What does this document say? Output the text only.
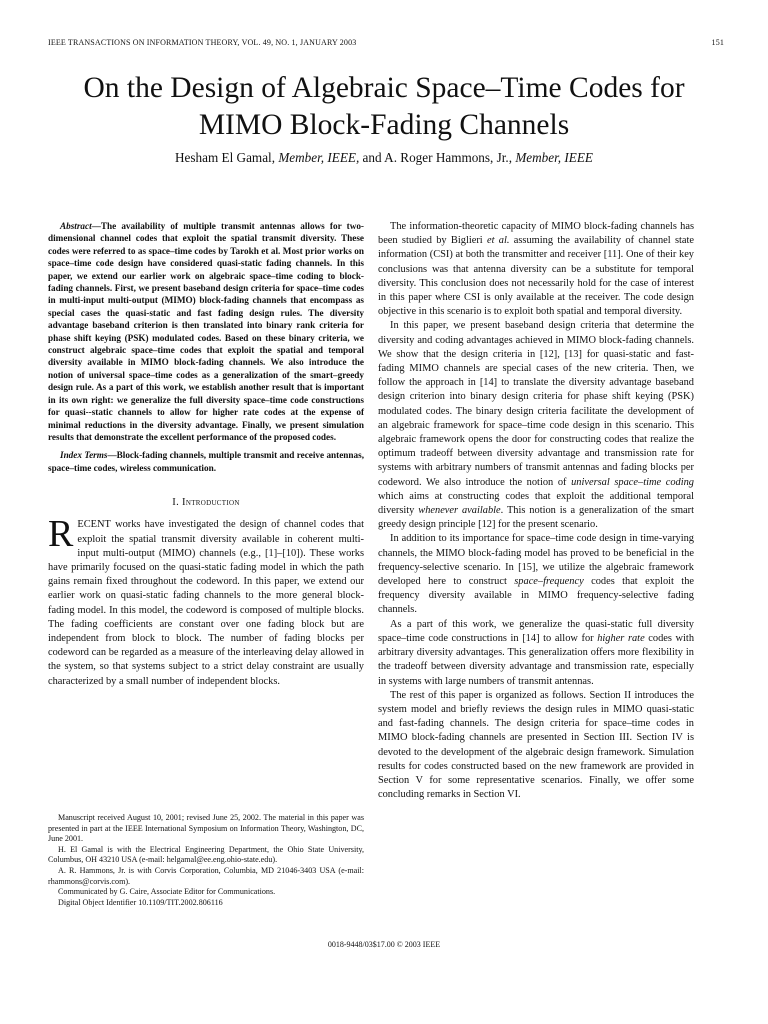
IEEE TRANSACTIONS ON INFORMATION THEORY, VOL. 49, NO. 1, JANUARY 2003	151
On the Design of Algebraic Space–Time Codes for
MIMO Block-Fading Channels
Hesham El Gamal, Member, IEEE, and A. Roger Hammons, Jr., Member, IEEE

Abstract—The availability of multiple transmit antennas allows for two-dimensional channel codes that exploit the spatial transmit diversity. These codes were referred to as space–time codes by Tarokh et al. Most prior works on space–time code design have considered quasi-static fading channels. In this paper, we extend our earlier work on algebraic space–time coding to block-fading channels. First, we present baseband design criteria for space–time codes in multi-input multi-output (MIMO) block-fading channels that encompass as special cases the quasi-static and fast fading design rules. The diversity advantage baseband criterion is then translated into binary rank criteria for phase shift keying (PSK) modulated codes. Based on these binary criteria, we construct algebraic space–time codes that exploit the spatial and temporal diversity available in MIMO block-fading channels. We also introduce the notion of universal space–time codes as a generalization of the smart–greedy design rule. As a part of this work, we establish another result that is important in its own right: we generalize the full diversity space–time code constructions for quasi--static channels to allow for higher rate codes at the expense of minimal reductions in the diversity advantage. Finally, we present simulation results that demonstrate the excellent performance of the proposed codes.

Index Terms—Block-fading channels, multiple transmit and receive antennas, space–time codes, wireless communication.

I. Introduction

RECENT works have investigated the design of channel codes that exploit the spatial transmit diversity available in coherent multi-input multi-output (MIMO) channels (e.g., [1]–[10]). These works have primarily focused on the quasi-static fading model in which the path gains remain fixed throughout the codeword. In this paper, we extend our earlier work on quasi-static fading channels to the more general block-fading model. In this model, the codeword is composed of multiple blocks. The fading coefficients are constant over one fading block but are independent from block to block. The number of fading blocks per codeword can be regarded as a measure of the interleaving delay allowed in the system, so that systems subject to a strict delay constraint are usually characterized by a small number of independent blocks.

Manuscript received August 10, 2001; revised June 25, 2002. The material in this paper was presented in part at the IEEE International Symposium on Information Theory, Washington, DC, June 2001.

H. El Gamal is with the Electrical Engineering Department, the Ohio State University, Columbus, OH 43210 USA (e-mail: helgamal@ee.eng.ohio-state.edu).

A. R. Hammons, Jr. is with Corvis Corporation, Columbia, MD 21046-3403 USA (e-mail: rhammons@corvis.com).

Communicated by G. Caire, Associate Editor for Communications.

Digital Object Identifier 10.1109/TIT.2002.806116

The information-theoretic capacity of MIMO block-fading channels has been studied by Biglieri et al. assuming the availability of channel state information (CSI) at both the transmitter and receiver [11]. One of their key conclusions was that antenna diversity can be a substitute for temporal diversity. This conclusion does not necessarily hold for the case of interest in this paper where CSI is only available at the receiver. The code design objective in this scenario is to exploit both spatial and temporal diversity.

In this paper, we present baseband design criteria that determine the diversity and coding advantages achieved in MIMO block-fading channels. We show that the design criteria in [12], [13] for quasi-static and fast-fading MIMO channels are special cases of the new criteria. Then, we follow the approach in [14] to translate the diversity advantage baseband design criterion into binary design criteria for phase shift keying (PSK) modulated codes. The binary design criteria facilitate the development of an algebraic framework for space–time code design in this scenario. This algebraic framework opens the door for constructing codes that realize the optimum tradeoff between diversity advantage and transmission rate for systems with arbitrary numbers of transmit antennas and fading blocks per codeword. We also introduce the notion of universal space–time coding which aims at constructing codes that exploit the additional temporal diversity whenever available. This notion is a generalization of the smart greedy design principle [12] for the present scenario.

In addition to its importance for space–time code design in time-varying channels, the MIMO block-fading model has proved to be beneficial in the frequency-selective scenario. In [15], we utilize the algebraic framework developed here to construct space–frequency codes that exploit the frequency diversity available in MIMO frequency-selective fading channels.

As a part of this work, we generalize the quasi-static full diversity space–time code constructions in [14] to allow for higher rate codes with arbitrary diversity advantages. This generalization offers more flexibility in the tradeoff between diversity advantage and transmission rate, especially in systems with large numbers of transmit antennas.

The rest of this paper is organized as follows. Section II introduces the system model and briefly reviews the design rules in MIMO quasi-static and fast-fading channels. The design criteria for space–time codes in MIMO block-fading channels are presented in Section III. Section IV is devoted to the development of the algebraic design framework. Simulation results for codes constructed based on the new framework are provided in Section V for some representative scenarios. Finally, we offer some concluding remarks in Section VI.

0018-9448/03$17.00 © 2003 IEEE
